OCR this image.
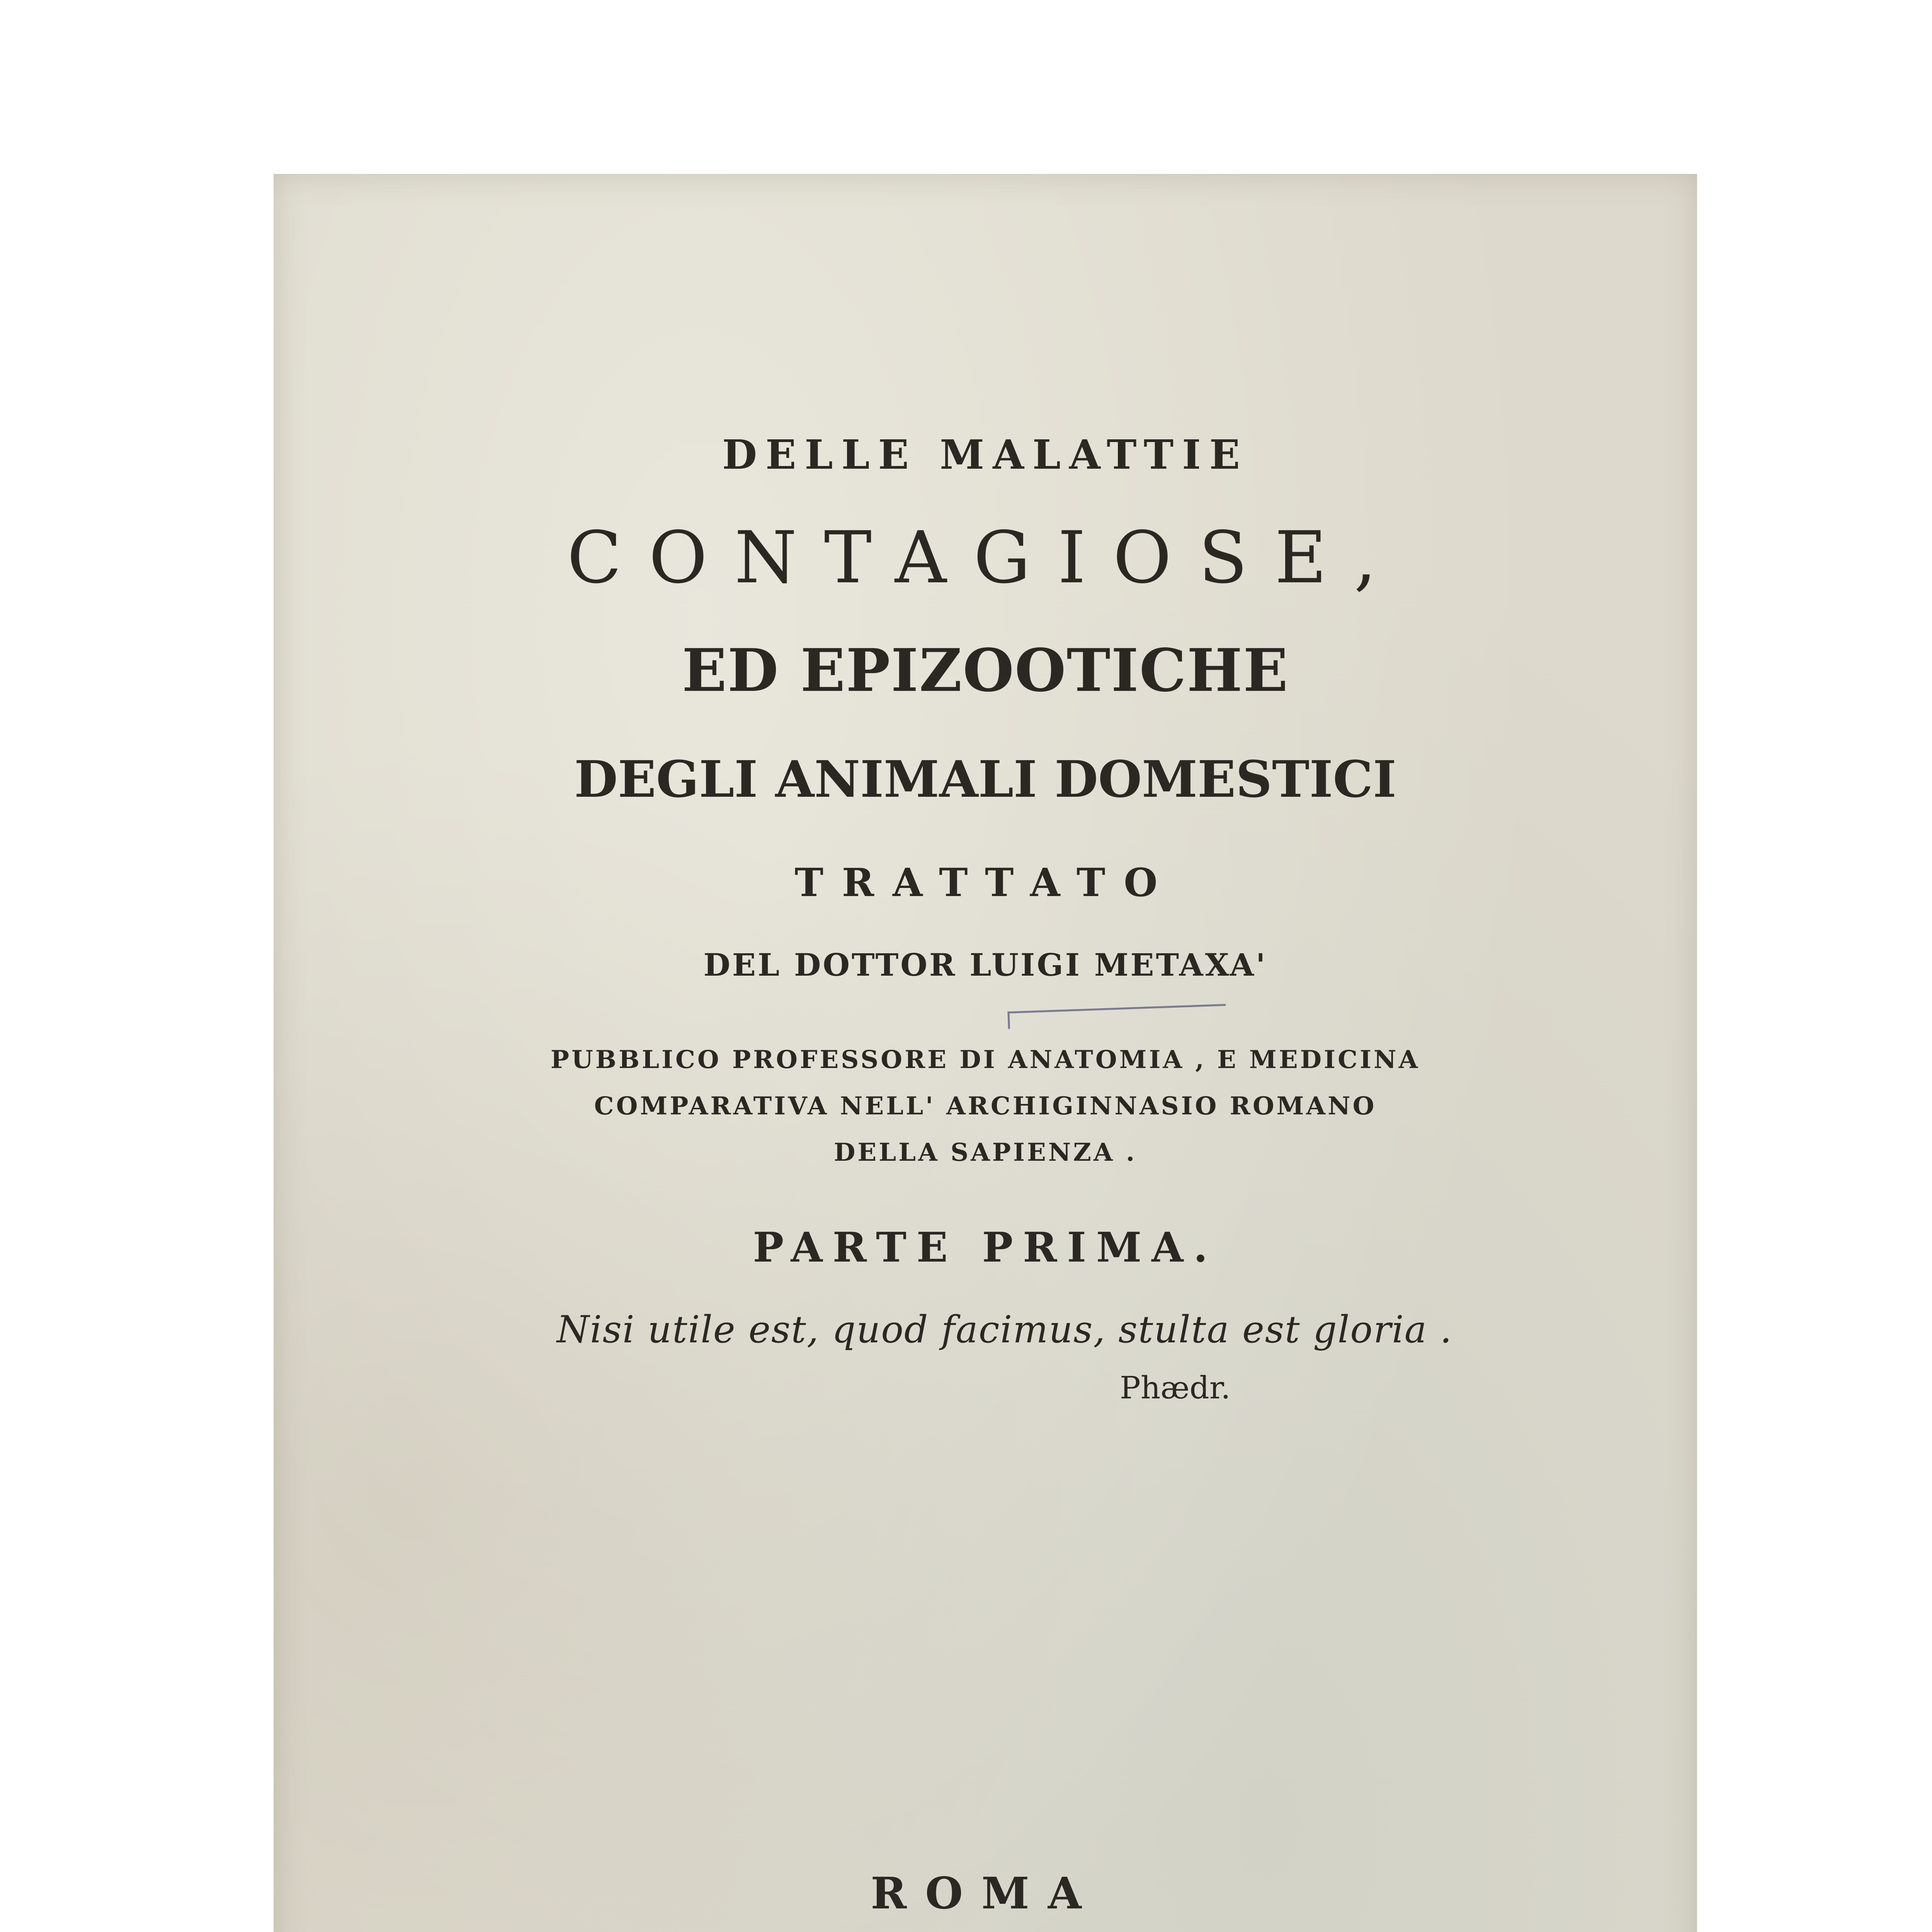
DELLE MALATTIE
CONTAGIOSE,
ED EPIZOOTICHE
DEGLI ANIMALI DOMESTICI
TRATTATO
DEL DOTTOR LUIGI METAXA'
PUBBLICO PROFESSORE DI ANATOMIA , E MEDICINA
COMPARATIVA NELL' ARCHIGINNASIO ROMANO
DELLA SAPIENZA .
PARTE PRIMA.
Nisi utile est, quod facimus, stulta est gloria .
Phædr.
ROMA
